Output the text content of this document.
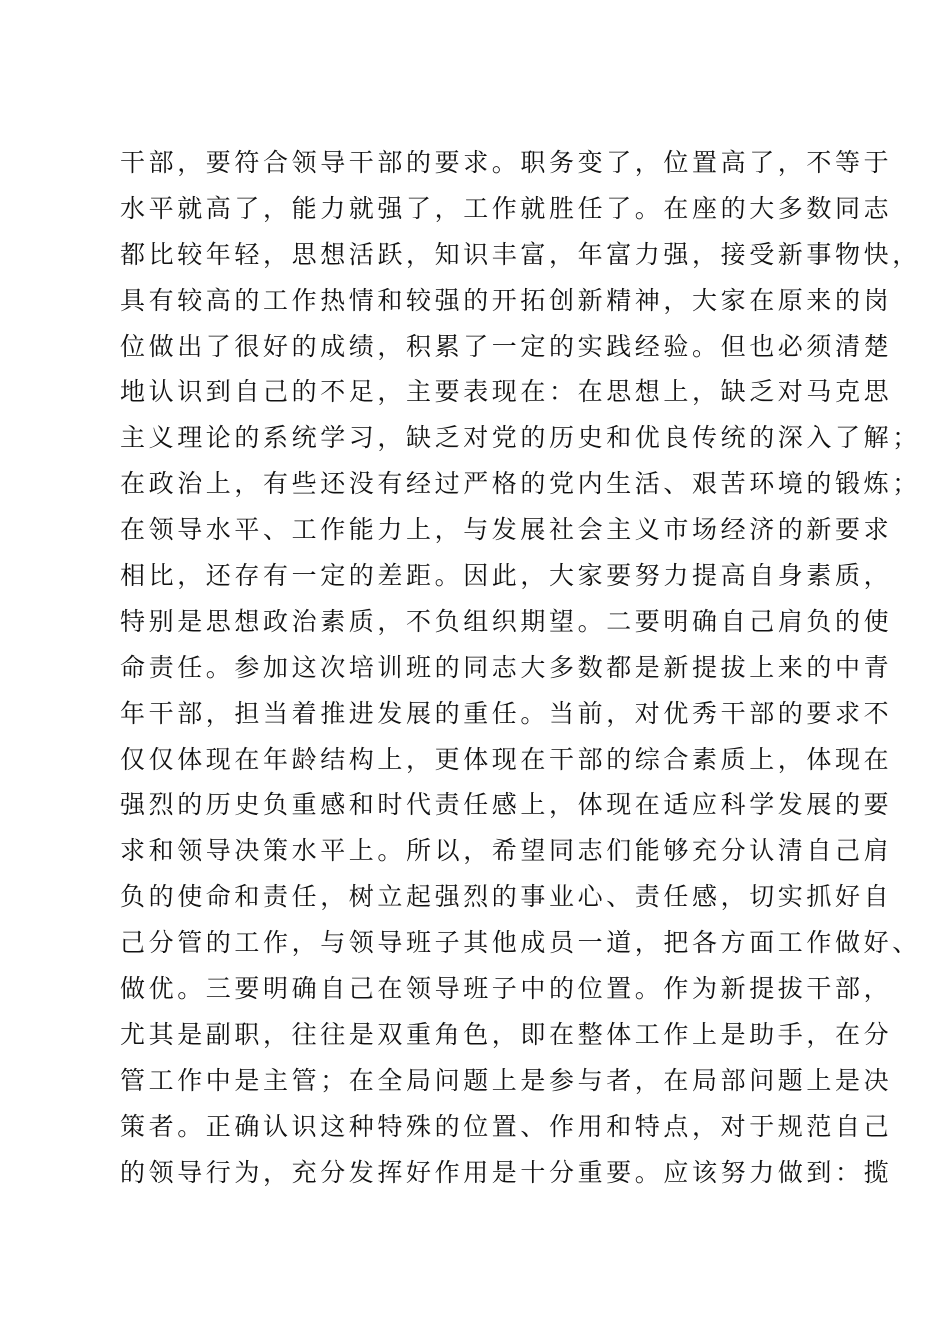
干部，要符合领导干部的要求。职务变了，位置高了，不等于
水平就高了，能力就强了，工作就胜任了。在座的大多数同志
都比较年轻，思想活跃，知识丰富，年富力强，接受新事物快，
具有较高的工作热情和较强的开拓创新精神，大家在原来的岗
位做出了很好的成绩，积累了一定的实践经验。但也必须清楚
地认识到自己的不足，主要表现在：在思想上，缺乏对马克思
主义理论的系统学习，缺乏对党的历史和优良传统的深入了解；
在政治上，有些还没有经过严格的党内生活、艰苦环境的锻炼；
在领导水平、工作能力上，与发展社会主义市场经济的新要求
相比，还存有一定的差距。因此，大家要努力提高自身素质，
特别是思想政治素质，不负组织期望。二要明确自己肩负的使
命责任。参加这次培训班的同志大多数都是新提拔上来的中青
年干部，担当着推进发展的重任。当前，对优秀干部的要求不
仅仅体现在年龄结构上，更体现在干部的综合素质上，体现在
强烈的历史负重感和时代责任感上，体现在适应科学发展的要
求和领导决策水平上。所以，希望同志们能够充分认清自己肩
负的使命和责任，树立起强烈的事业心、责任感，切实抓好自
己分管的工作，与领导班子其他成员一道，把各方面工作做好、
做优。三要明确自己在领导班子中的位置。作为新提拔干部，
尤其是副职，往往是双重角色，即在整体工作上是助手，在分
管工作中是主管；在全局问题上是参与者，在局部问题上是决
策者。正确认识这种特殊的位置、作用和特点，对于规范自己
的领导行为，充分发挥好作用是十分重要。应该努力做到：揽
